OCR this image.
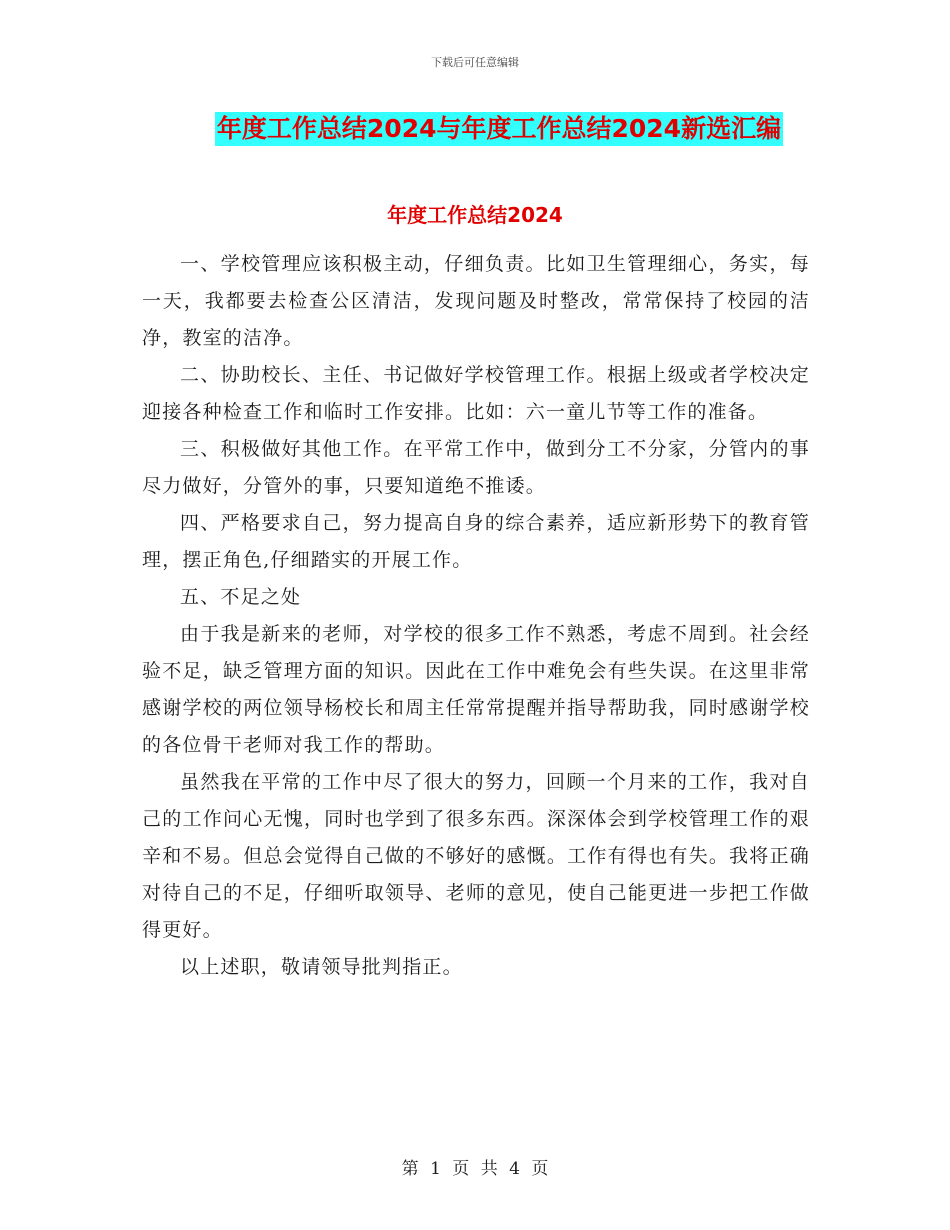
下载后可任意编辑
年度工作总结2024与年度工作总结2024新选汇编
年度工作总结2024

一、学校管理应该积极主动，仔细负责。比如卫生管理细心，务实，每一天，我都要去检查公区清洁，发现问题及时整改，常常保持了校园的洁净，教室的洁净。

二、协助校长、主任、书记做好学校管理工作。根据上级或者学校决定迎接各种检查工作和临时工作安排。比如：六一童儿节等工作的准备。

三、积极做好其他工作。在平常工作中，做到分工不分家，分管内的事尽力做好，分管外的事，只要知道绝不推诿。

四、严格要求自己，努力提高自身的综合素养，适应新形势下的教育管理，摆正角色,仔细踏实的开展工作。

五、不足之处

由于我是新来的老师，对学校的很多工作不熟悉，考虑不周到。社会经验不足，缺乏管理方面的知识。因此在工作中难免会有些失误。在这里非常感谢学校的两位领导杨校长和周主任常常提醒并指导帮助我，同时感谢学校的各位骨干老师对我工作的帮助。

虽然我在平常的工作中尽了很大的努力，回顾一个月来的工作，我对自己的工作问心无愧，同时也学到了很多东西。深深体会到学校管理工作的艰辛和不易。但总会觉得自己做的不够好的感慨。工作有得也有失。我将正确对待自己的不足，仔细听取领导、老师的意见，使自己能更进一步把工作做得更好。

以上述职，敬请领导批判指正。

第 1 页 共 4 页
